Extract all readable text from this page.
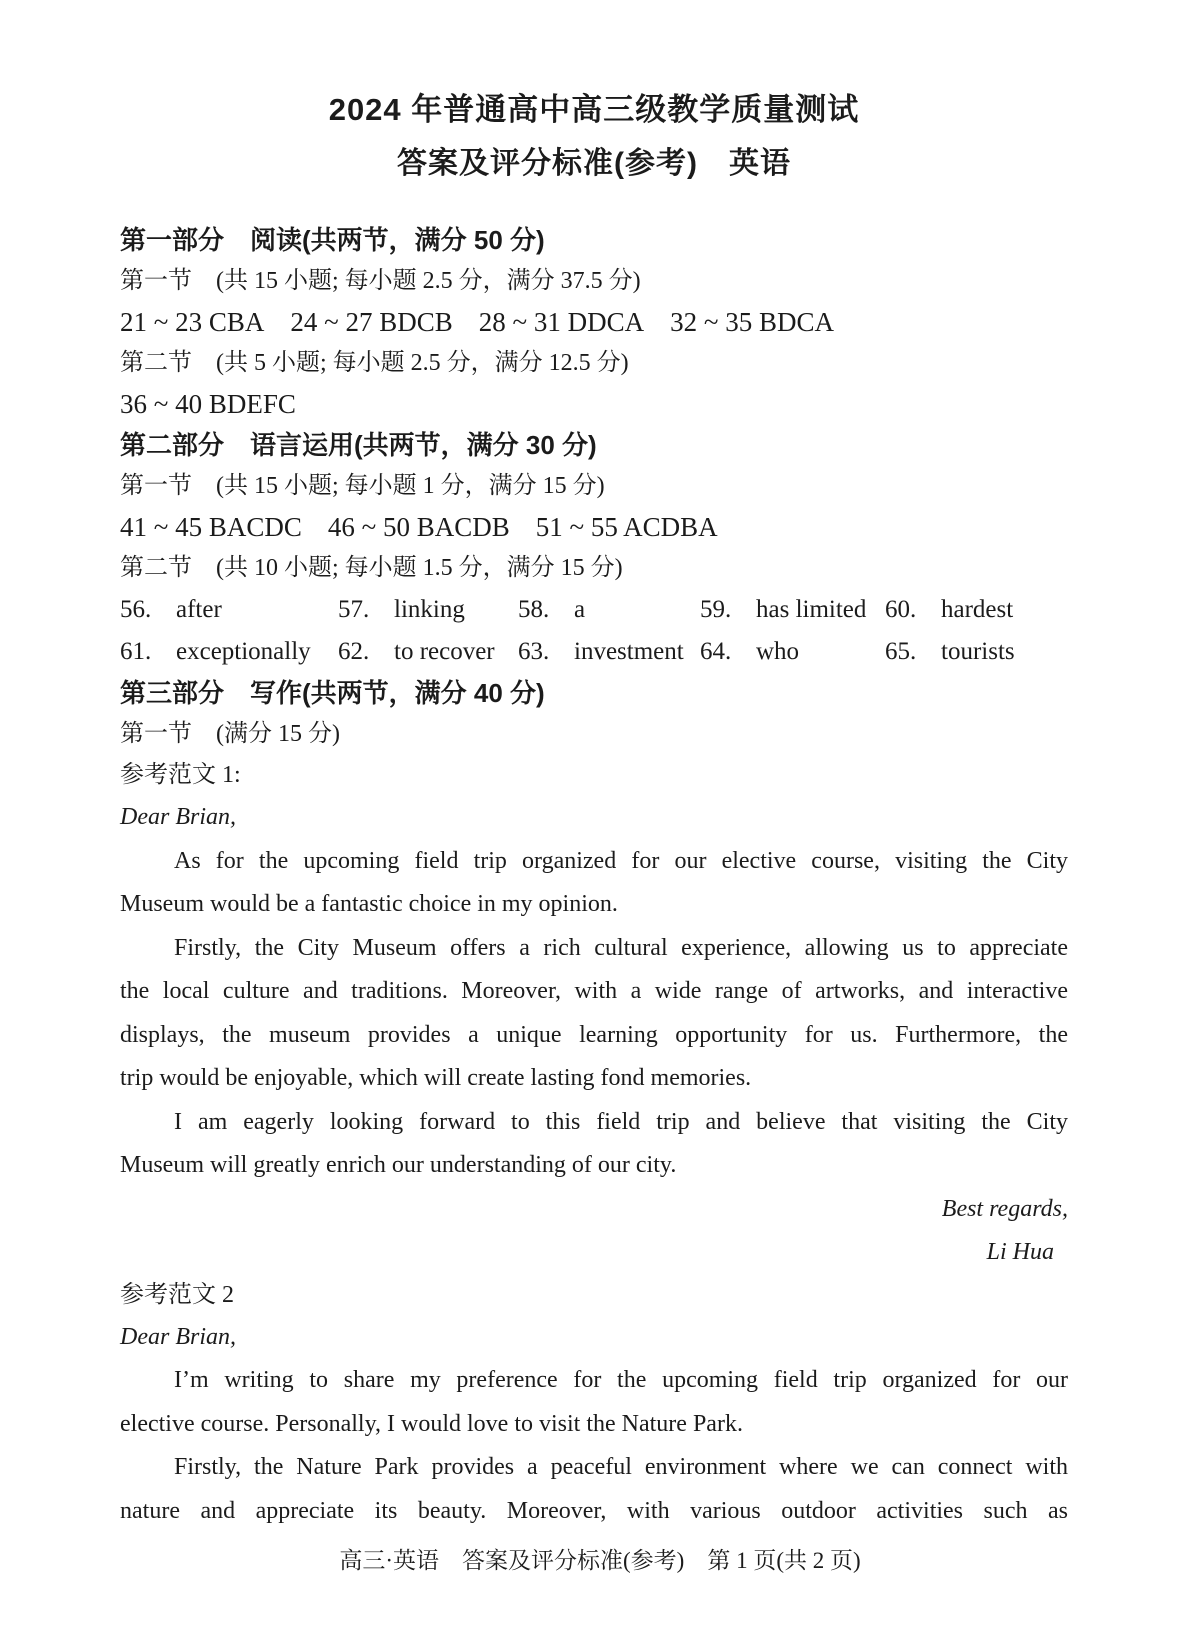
2024 年普通高中高三级教学质量测试
答案及评分标准(参考)　英语
第一部分　阅读(共两节，满分 50 分)
第一节　(共 15 小题; 每小题 2.5 分，满分 37.5 分)
21 ~ 23 CBA 24 ~ 27 BDCB 28 ~ 31 DDCA 32 ~ 35 BDCA
第二节　(共 5 小题; 每小题 2.5 分，满分 12.5 分)
36 ~ 40 BDEFC
第二部分　语言运用(共两节，满分 30 分)
第一节　(共 15 小题; 每小题 1 分，满分 15 分)
41 ~ 45 BACDC 46 ~ 50 BACDB 51 ~ 55 ACDBA
第二节　(共 10 小题; 每小题 1.5 分，满分 15 分)
56. after	57. linking	58. a	59. has limited 60. hardest
61. exceptionally	62. to recover 63. investment 64. who	65. tourists
第三部分　写作(共两节，满分 40 分)
第一节　(满分 15 分)
参考范文 1:
Dear Brian,
As for the upcoming field trip organized for our elective course, visiting the City
Museum would be a fantastic choice in my opinion.
Firstly, the City Museum offers a rich cultural experience, allowing us to appreciate
the local culture and traditions. Moreover, with a wide range of artworks, and interactive
displays, the museum provides a unique learning opportunity for us. Furthermore, the
trip would be enjoyable, which will create lasting fond memories.
I am eagerly looking forward to this field trip and believe that visiting the City
Museum will greatly enrich our understanding of our city.
Best regards,
Li Hua
参考范文 2
Dear Brian,
I’m writing to share my preference for the upcoming field trip organized for our
elective course. Personally, I would love to visit the Nature Park.
Firstly, the Nature Park provides a peaceful environment where we can connect with
nature and appreciate its beauty. Moreover, with various outdoor activities such as
高三·英语　答案及评分标准(参考)　第 1 页(共 2 页)
